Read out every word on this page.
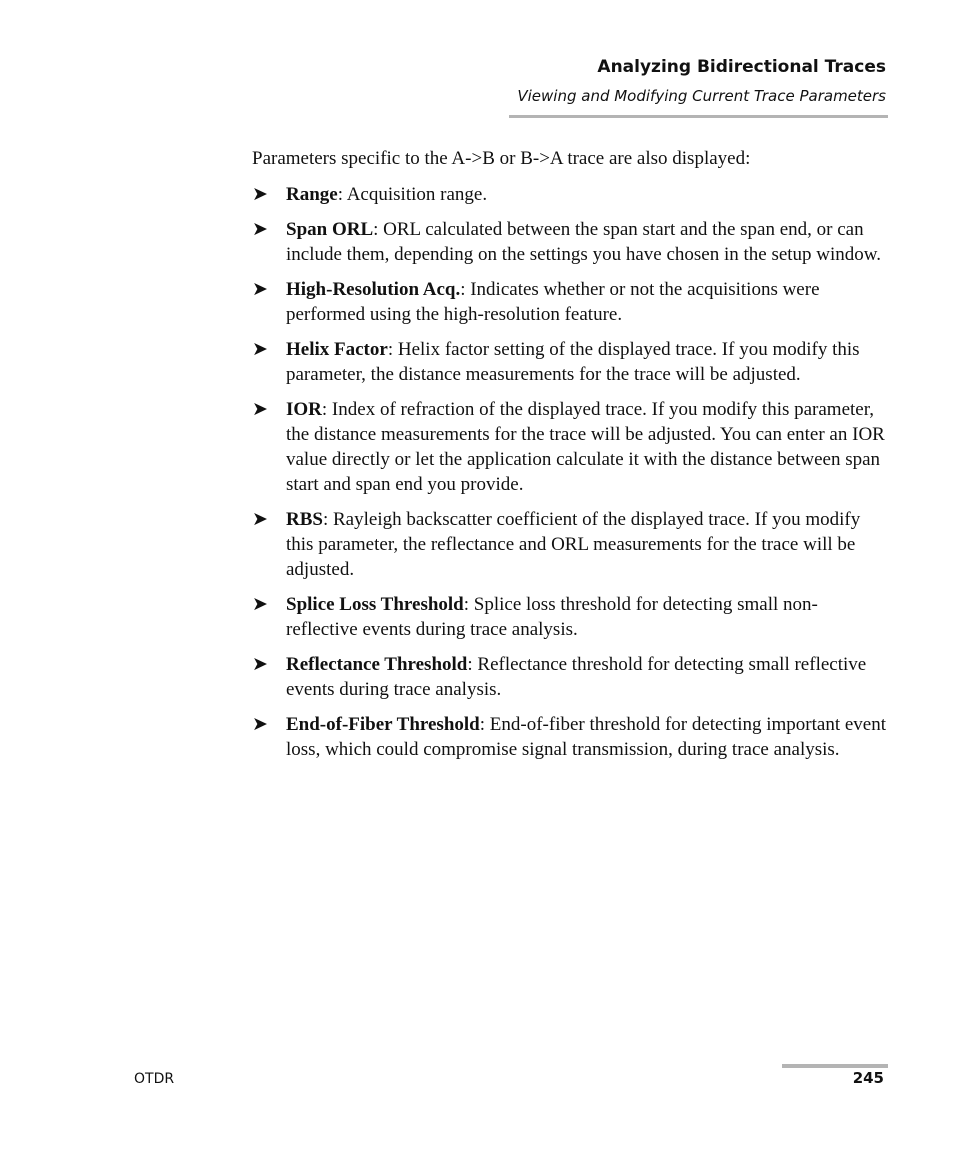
Analyzing Bidirectional Traces
Viewing and Modifying Current Trace Parameters

Parameters specific to the A->B or B->A trace are also displayed:

➤ Range: Acquisition range.
➤ Span ORL: ORL calculated between the span start and the span end, or can include them, depending on the settings you have chosen in the setup window.
➤ High-Resolution Acq.: Indicates whether or not the acquisitions were performed using the high-resolution feature.
➤ Helix Factor: Helix factor setting of the displayed trace. If you modify this parameter, the distance measurements for the trace will be adjusted.
➤ IOR: Index of refraction of the displayed trace. If you modify this parameter, the distance measurements for the trace will be adjusted. You can enter an IOR value directly or let the application calculate it with the distance between span start and span end you provide.
➤ RBS: Rayleigh backscatter coefficient of the displayed trace. If you modify this parameter, the reflectance and ORL measurements for the trace will be adjusted.
➤ Splice Loss Threshold: Splice loss threshold for detecting small non-reflective events during trace analysis.
➤ Reflectance Threshold: Reflectance threshold for detecting small reflective events during trace analysis.
➤ End-of-Fiber Threshold: End-of-fiber threshold for detecting important event loss, which could compromise signal transmission, during trace analysis.
OTDR	245
